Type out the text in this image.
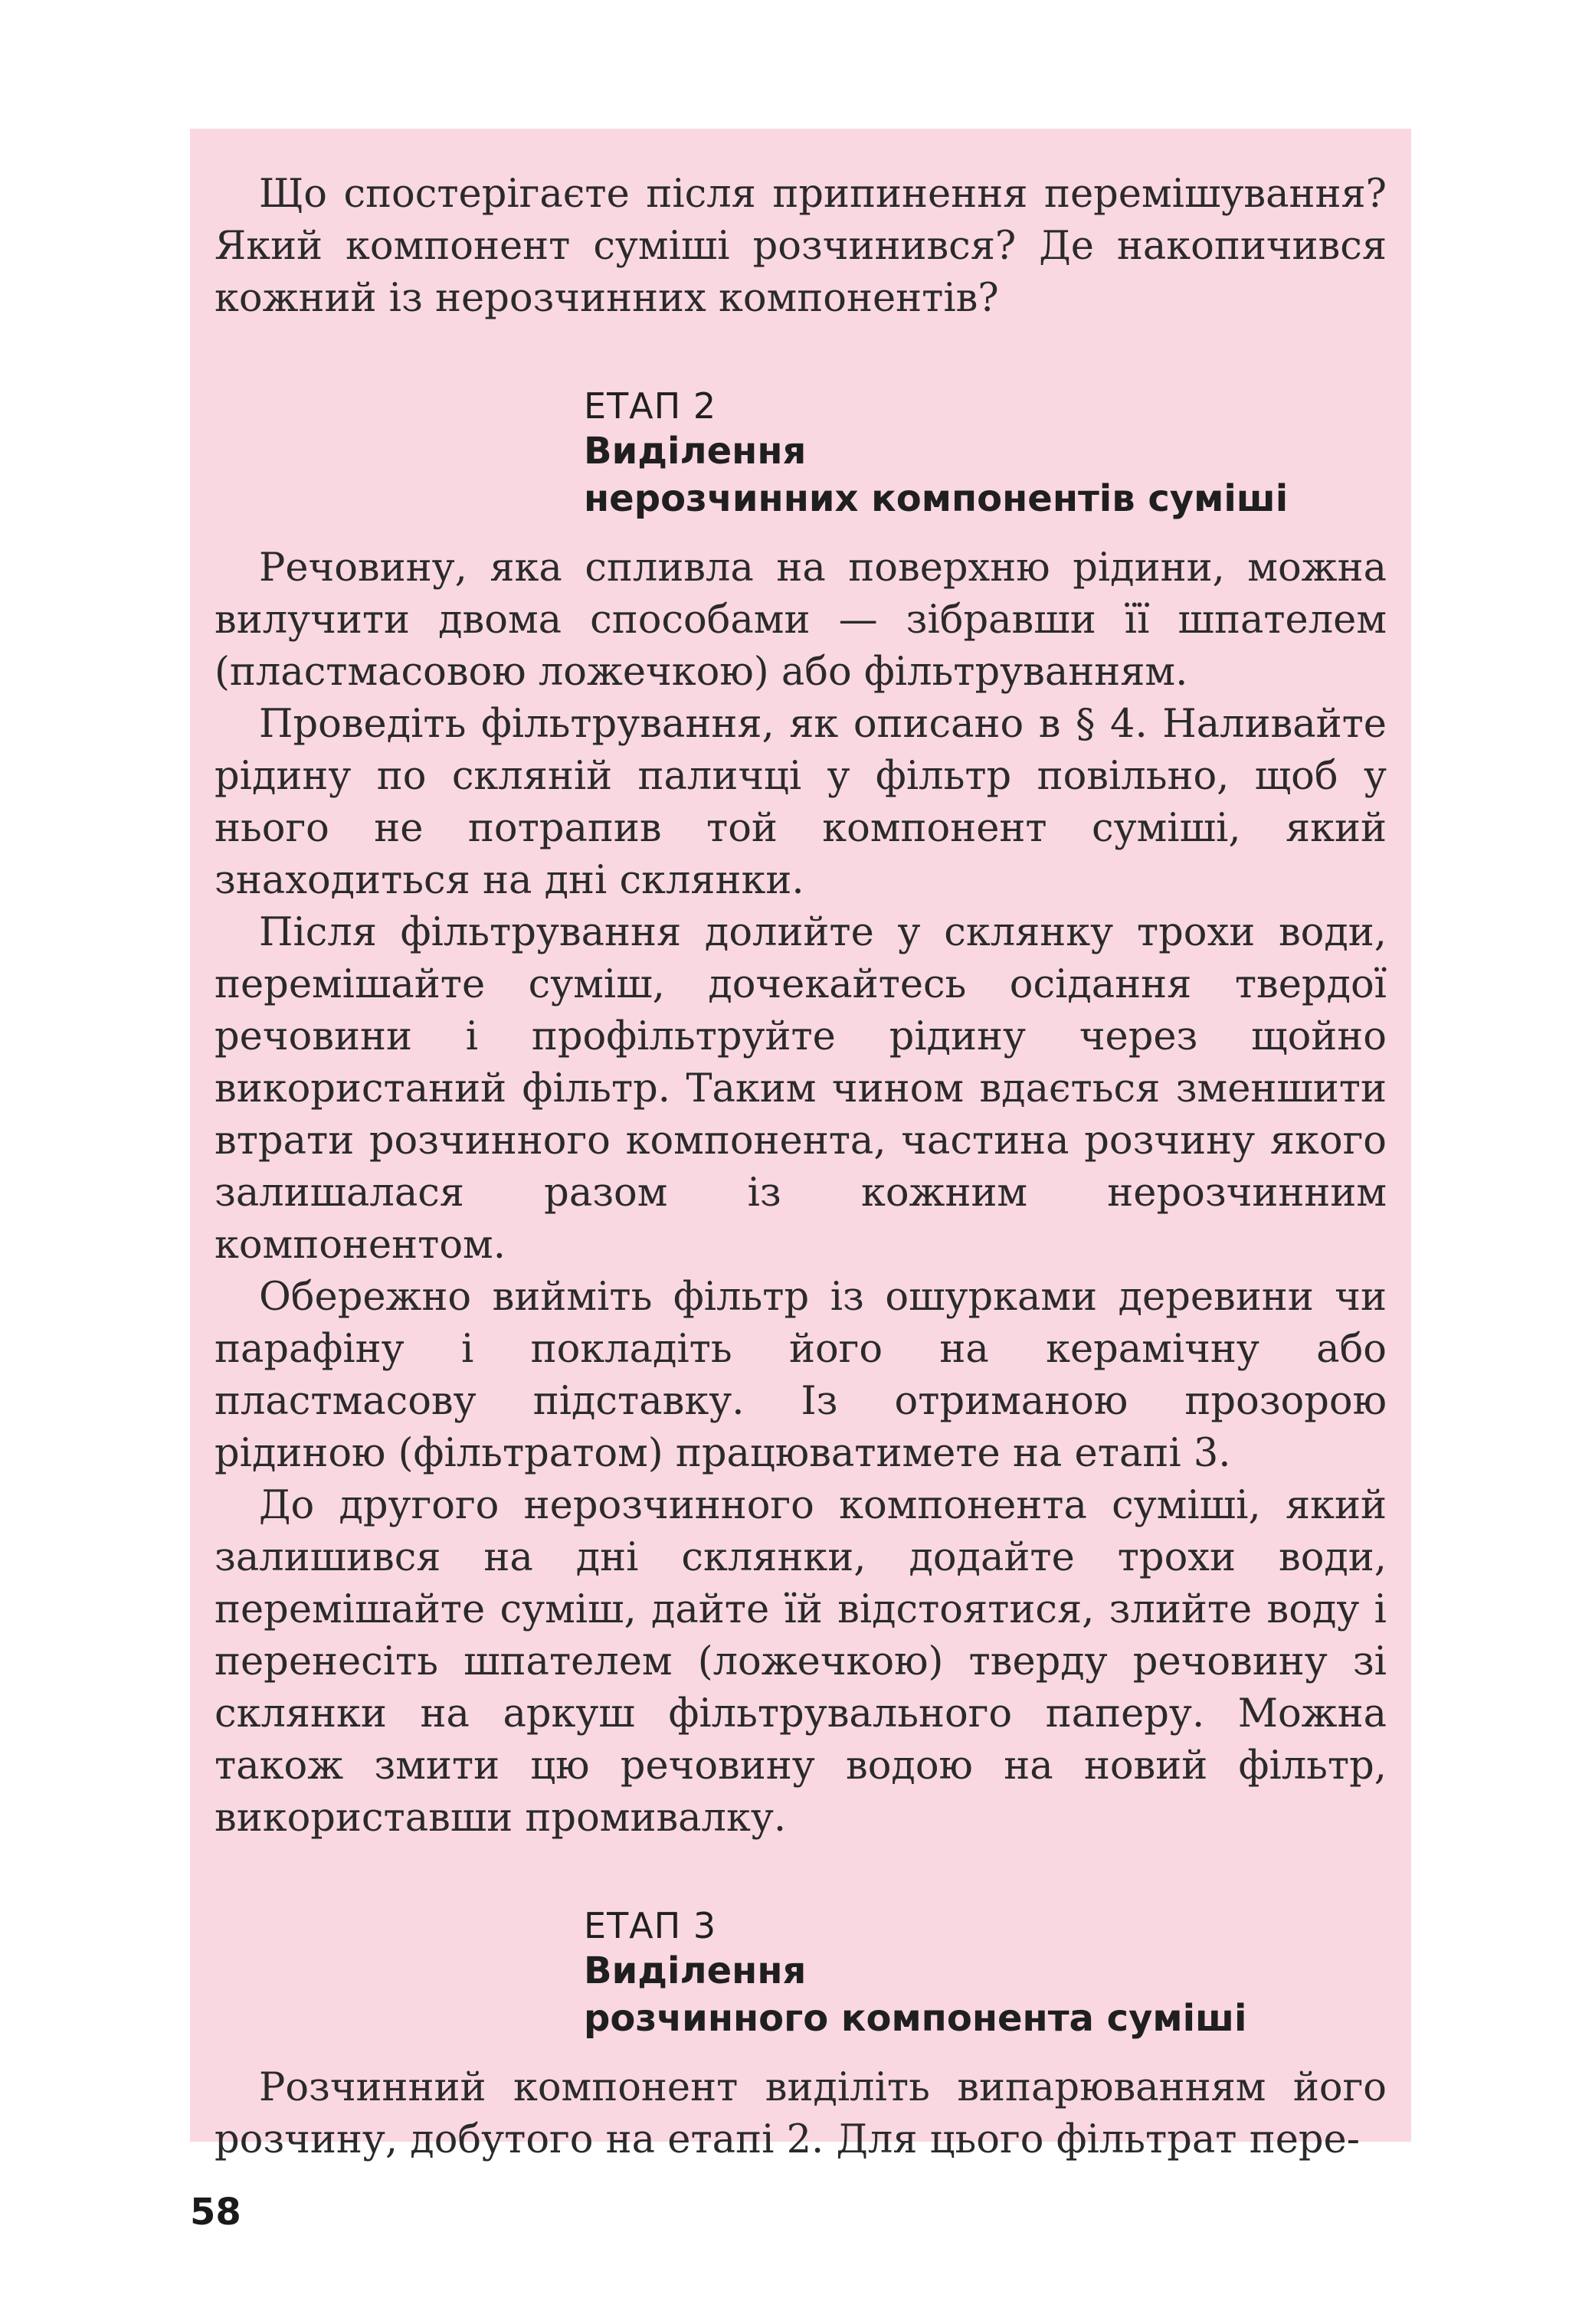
Що спостерігаєте після припинення перемішування? Який компонент суміші розчинився? Де накопичився кожний із нерозчинних компонентів?

ЕТАП 2
Виділення
нерозчинних компонентів суміші

Речовину, яка спливла на поверхню рідини, можна вилучити двома способами — зібравши її шпателем (пластмасовою ложечкою) або фільтруванням.

Проведіть фільтрування, як описано в § 4. Наливайте рідину по скляній паличці у фільтр повільно, щоб у нього не потрапив той компонент суміші, який знаходиться на дні склянки.

Після фільтрування долийте у склянку трохи води, перемішайте суміш, дочекайтесь осідання твердої речовини і профільтруйте рідину через щойно використаний фільтр. Таким чином вдається зменшити втрати розчинного компонента, частина розчину якого залишалася разом із кожним нерозчинним компонентом.

Обережно вийміть фільтр із ошурками деревини чи парафіну і покладіть його на керамічну або пластмасову підставку. Із отриманою прозорою рідиною (фільтратом) працюватимете на етапі 3.

До другого нерозчинного компонента суміші, який залишився на дні склянки, додайте трохи води, перемішайте суміш, дайте їй відстоятися, злийте воду і перенесіть шпателем (ложечкою) тверду речовину зі склянки на аркуш фільтрувального паперу. Можна також змити цю речовину водою на новий фільтр, використавши промивалку.

ЕТАП 3
Виділення
розчинного компонента суміші

Розчинний компонент виділіть випарюванням його розчину, добутого на етапі 2. Для цього фільтрат пере-

58
